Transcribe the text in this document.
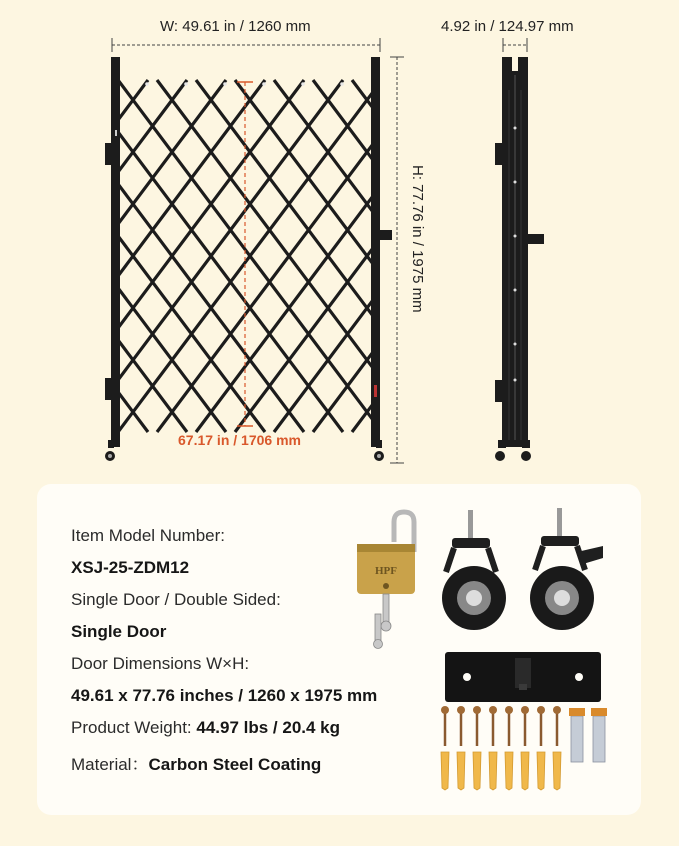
W: 49.61 in / 1260 mm	4.92 in / 124.97 mm
H: 77.76 in / 1975 mm
67.17 in / 1706 mm
Item Model Number:
XSJ-25-ZDM12
Single Door / Double Sided:
Single Door
Door Dimensions W×H:
49.61 x 77.76 inches / 1260 x 1975 mm
Product Weight: 44.97 lbs / 20.4 kg
Material：Carbon Steel Coating
HPF
